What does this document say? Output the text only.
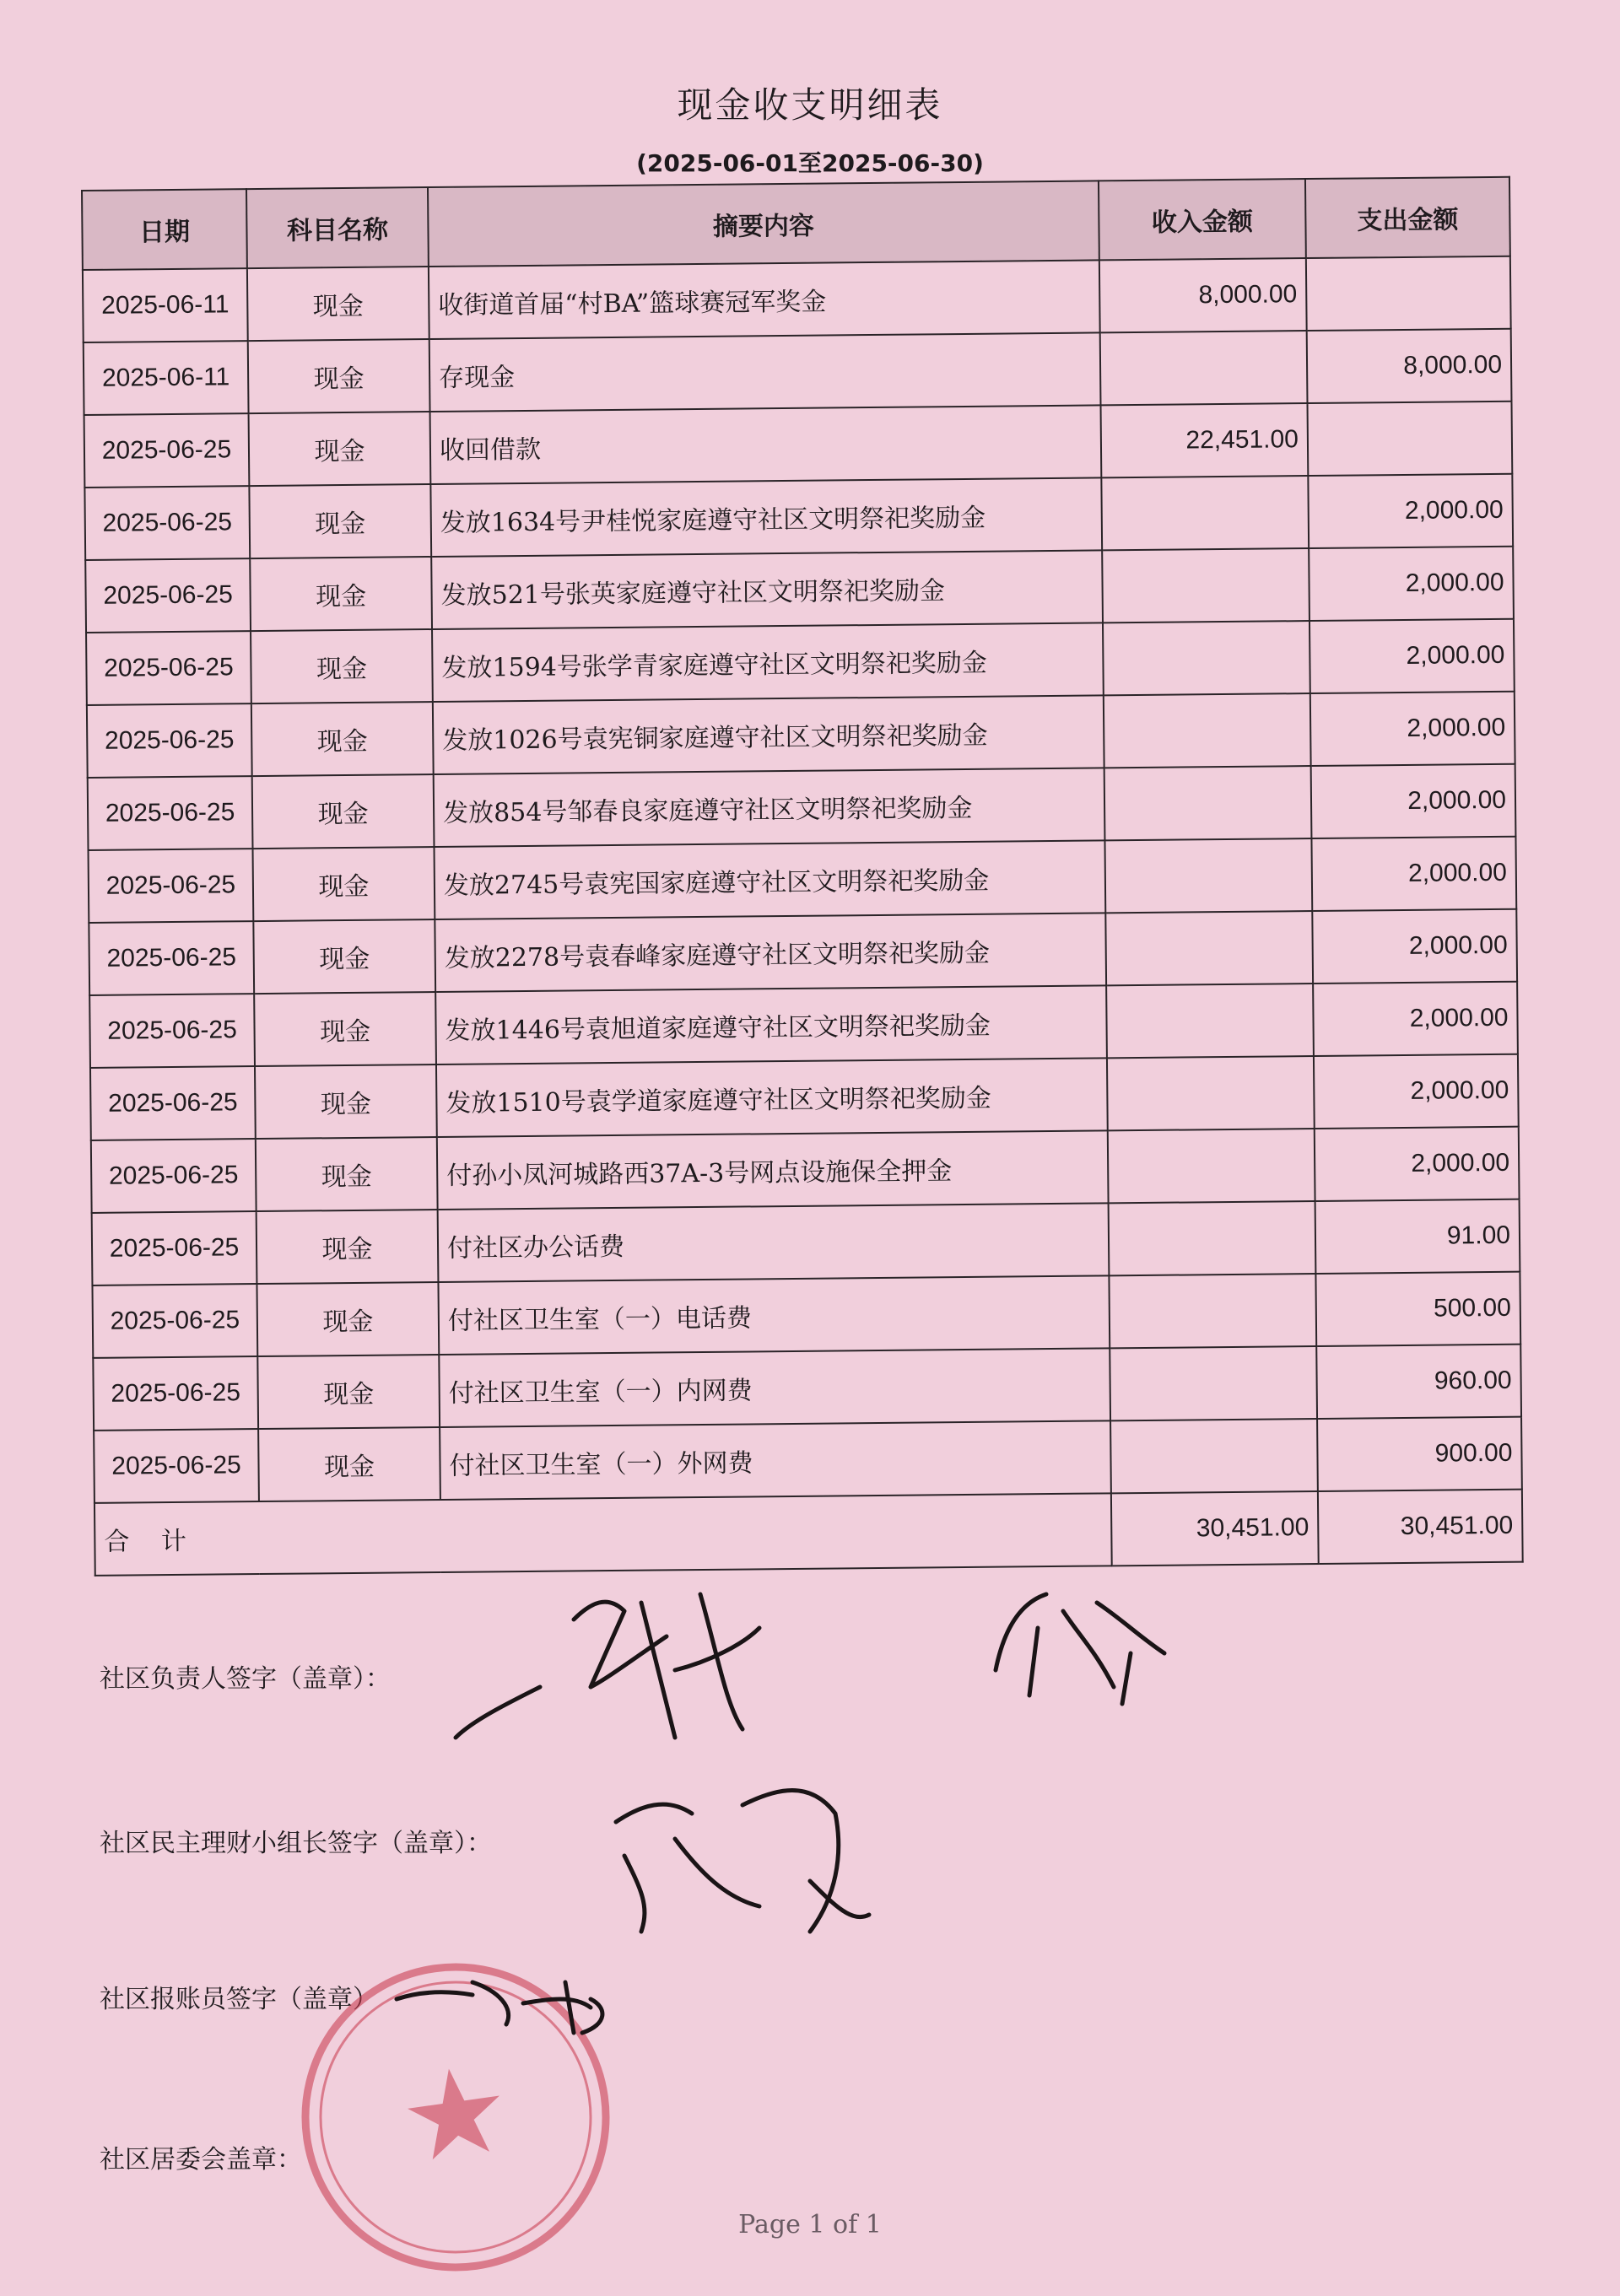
现金收支明细表
(2025-06-01至2025-06-30)
日期	科目名称	摘要内容	收入金额	支出金额
2025-06-11	现金	收街道首届“村BA”篮球赛冠军奖金	8,000.00	
2025-06-11	现金	存现金		8,000.00
2025-06-25	现金	收回借款	22,451.00	
2025-06-25	现金	发放1634号尹桂悦家庭遵守社区文明祭祀奖励金		2,000.00
2025-06-25	现金	发放521号张英家庭遵守社区文明祭祀奖励金		2,000.00
2025-06-25	现金	发放1594号张学青家庭遵守社区文明祭祀奖励金		2,000.00
2025-06-25	现金	发放1026号袁宪铜家庭遵守社区文明祭祀奖励金		2,000.00
2025-06-25	现金	发放854号邹春良家庭遵守社区文明祭祀奖励金		2,000.00
2025-06-25	现金	发放2745号袁宪国家庭遵守社区文明祭祀奖励金		2,000.00
2025-06-25	现金	发放2278号袁春峰家庭遵守社区文明祭祀奖励金		2,000.00
2025-06-25	现金	发放1446号袁旭道家庭遵守社区文明祭祀奖励金		2,000.00
2025-06-25	现金	发放1510号袁学道家庭遵守社区文明祭祀奖励金		2,000.00
2025-06-25	现金	付孙小凤河城路西37A-3号网点设施保全押金		2,000.00
2025-06-25	现金	付社区办公话费		91.00
2025-06-25	现金	付社区卫生室（一）电话费		500.00
2025-06-25	现金	付社区卫生室（一）内网费		960.00
2025-06-25	现金	付社区卫生室（一）外网费		900.00
合 计			30,451.00	30,451.00
社区负责人签字（盖章）：
社区民主理财小组长签字（盖章）：
社区报账员签字（盖章）
社区居委会盖章：
Page 1 of 1
